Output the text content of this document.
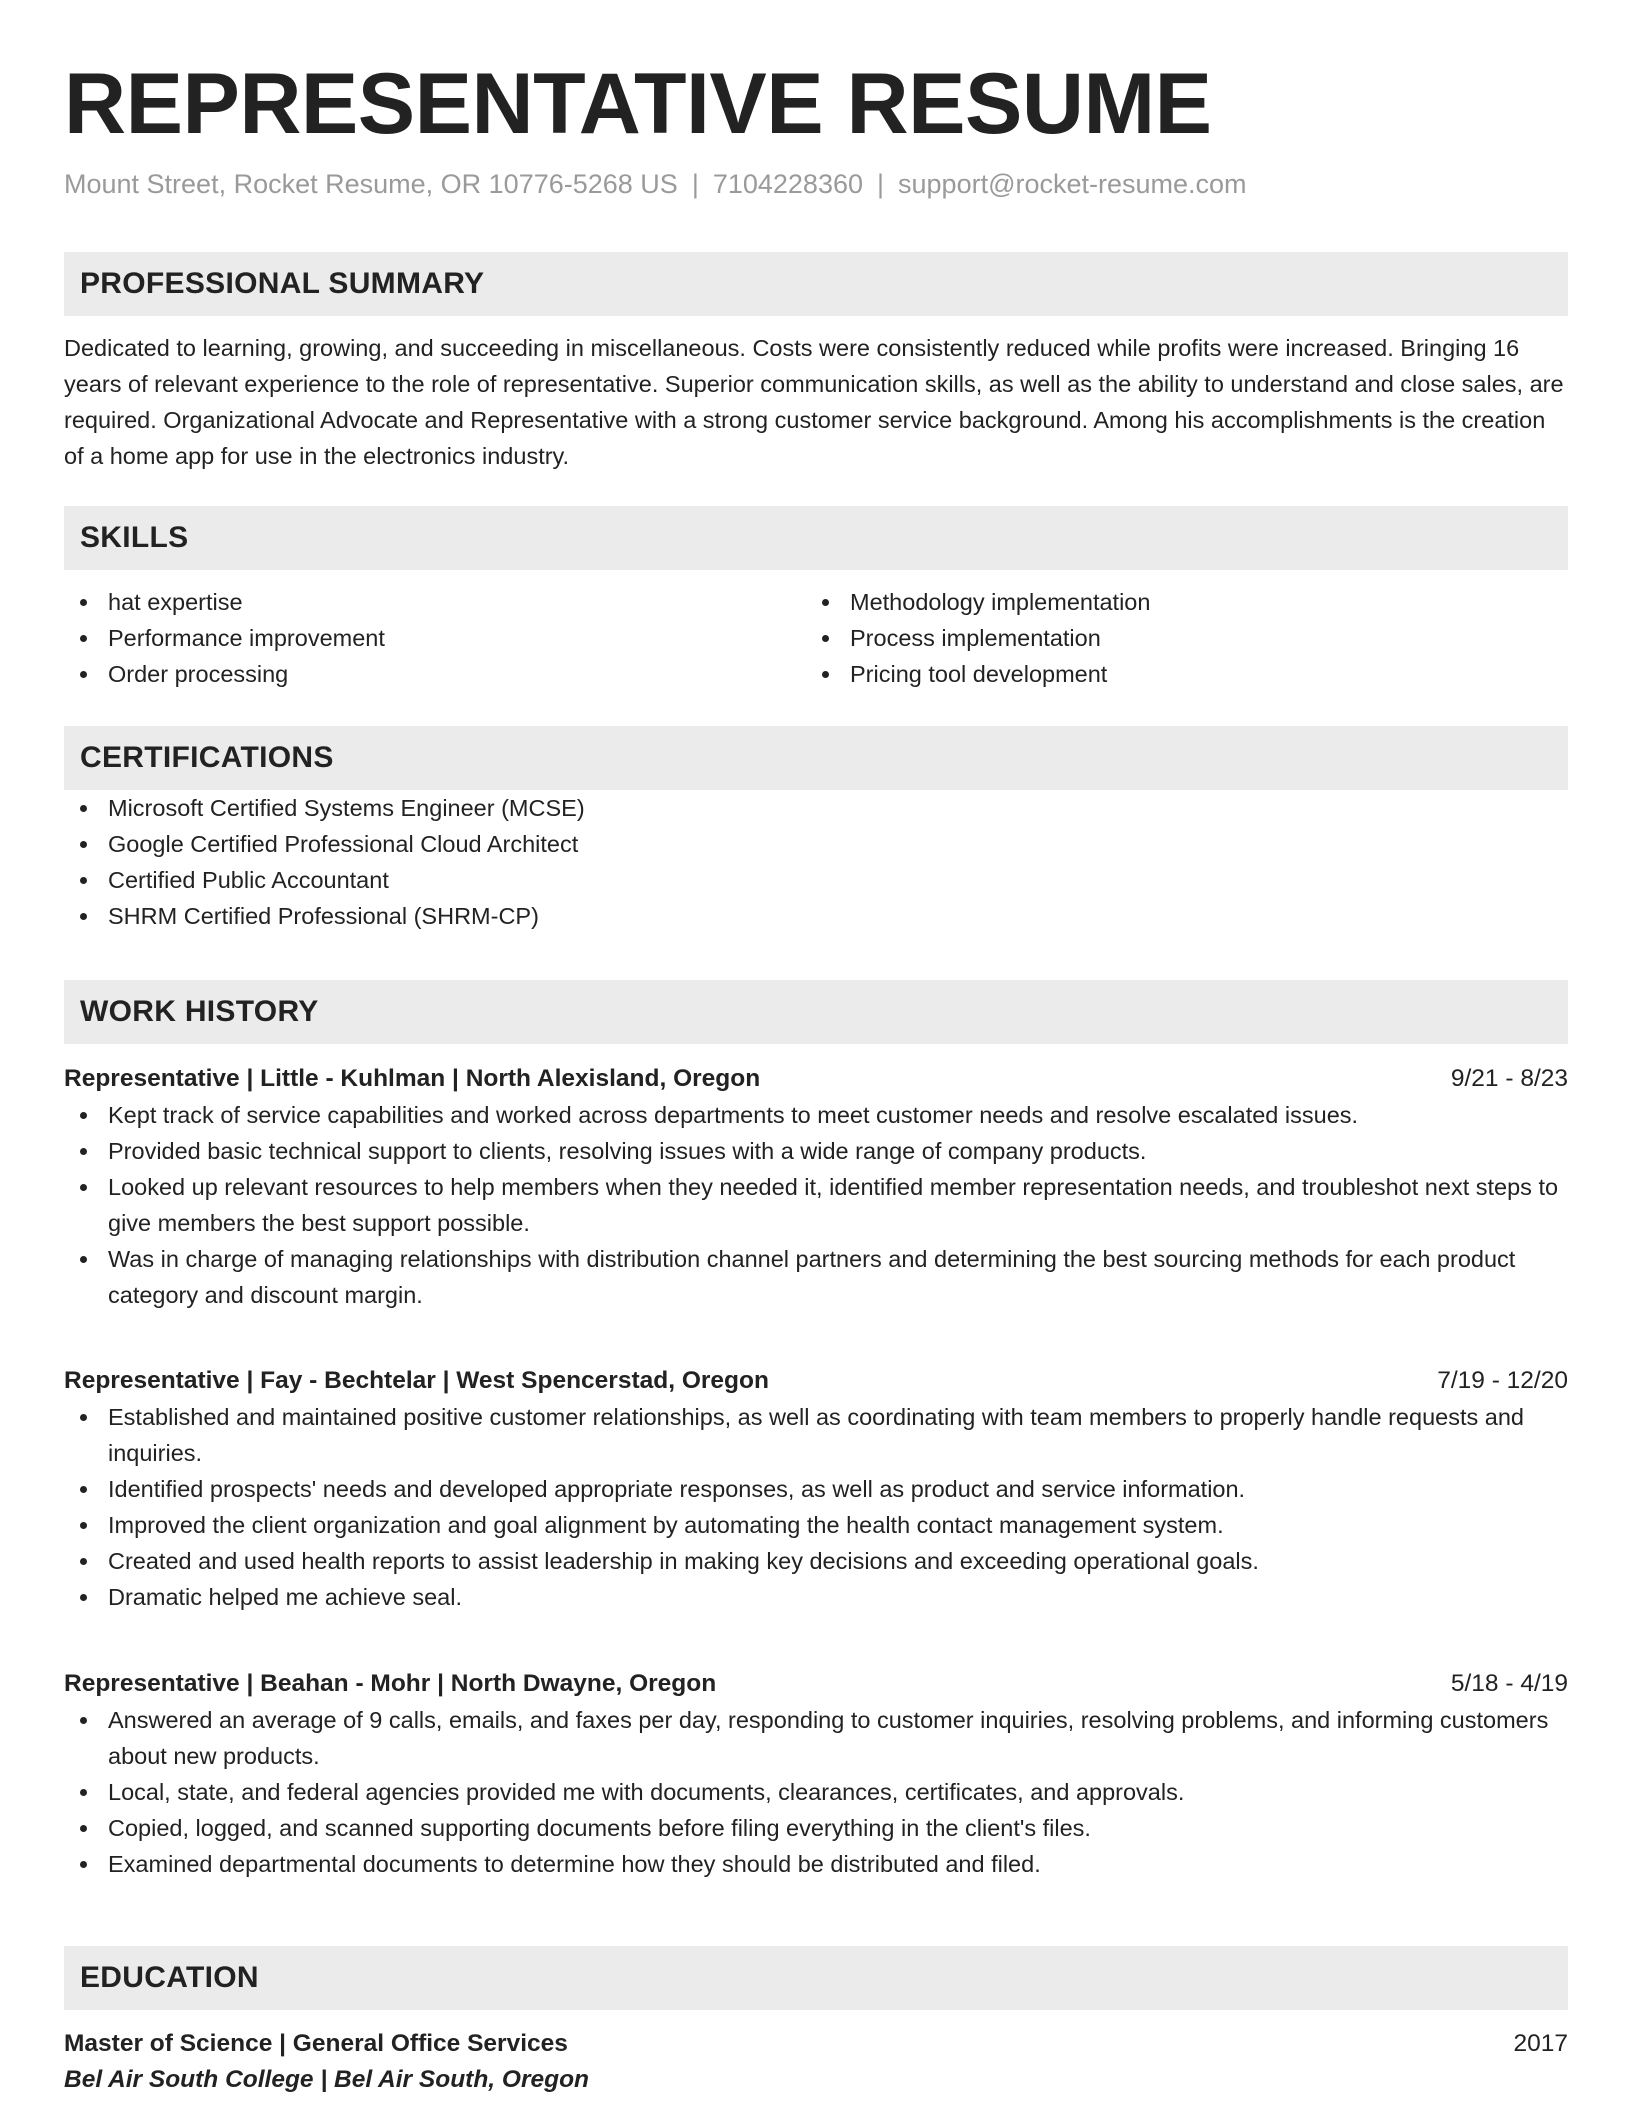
REPRESENTATIVE RESUME
Mount Street, Rocket Resume, OR 10776-5268 US | 7104228360 | support@rocket-resume.com
PROFESSIONAL SUMMARY

Dedicated to learning, growing, and succeeding in miscellaneous. Costs were consistently reduced while profits were increased. Bringing 16 years of relevant experience to the role of representative. Superior communication skills, as well as the ability to understand and close sales, are required. Organizational Advocate and Representative with a strong customer service background. Among his accomplishments is the creation of a home app for use in the electronics industry.

SKILLS
hat expertise
Performance improvement
Order processing
Methodology implementation
Process implementation
Pricing tool development
CERTIFICATIONS
Microsoft Certified Systems Engineer (MCSE)
Google Certified Professional Cloud Architect
Certified Public Accountant
SHRM Certified Professional (SHRM-CP)
WORK HISTORY
Representative | Little - Kuhlman | North Alexisland, Oregon	9/21 - 8/23
Kept track of service capabilities and worked across departments to meet customer needs and resolve escalated issues.
Provided basic technical support to clients, resolving issues with a wide range of company products.
Looked up relevant resources to help members when they needed it, identified member representation needs, and troubleshot next steps to give members the best support possible.
Was in charge of managing relationships with distribution channel partners and determining the best sourcing methods for each product category and discount margin.
Representative | Fay - Bechtelar | West Spencerstad, Oregon	7/19 - 12/20
Established and maintained positive customer relationships, as well as coordinating with team members to properly handle requests and inquiries.
Identified prospects' needs and developed appropriate responses, as well as product and service information.
Improved the client organization and goal alignment by automating the health contact management system.
Created and used health reports to assist leadership in making key decisions and exceeding operational goals.
Dramatic helped me achieve seal.
Representative | Beahan - Mohr | North Dwayne, Oregon	5/18 - 4/19
Answered an average of 9 calls, emails, and faxes per day, responding to customer inquiries, resolving problems, and informing customers about new products.
Local, state, and federal agencies provided me with documents, clearances, certificates, and approvals.
Copied, logged, and scanned supporting documents before filing everything in the client's files.
Examined departmental documents to determine how they should be distributed and filed.
EDUCATION
Master of Science | General Office Services	2017
Bel Air South College | Bel Air South, Oregon
